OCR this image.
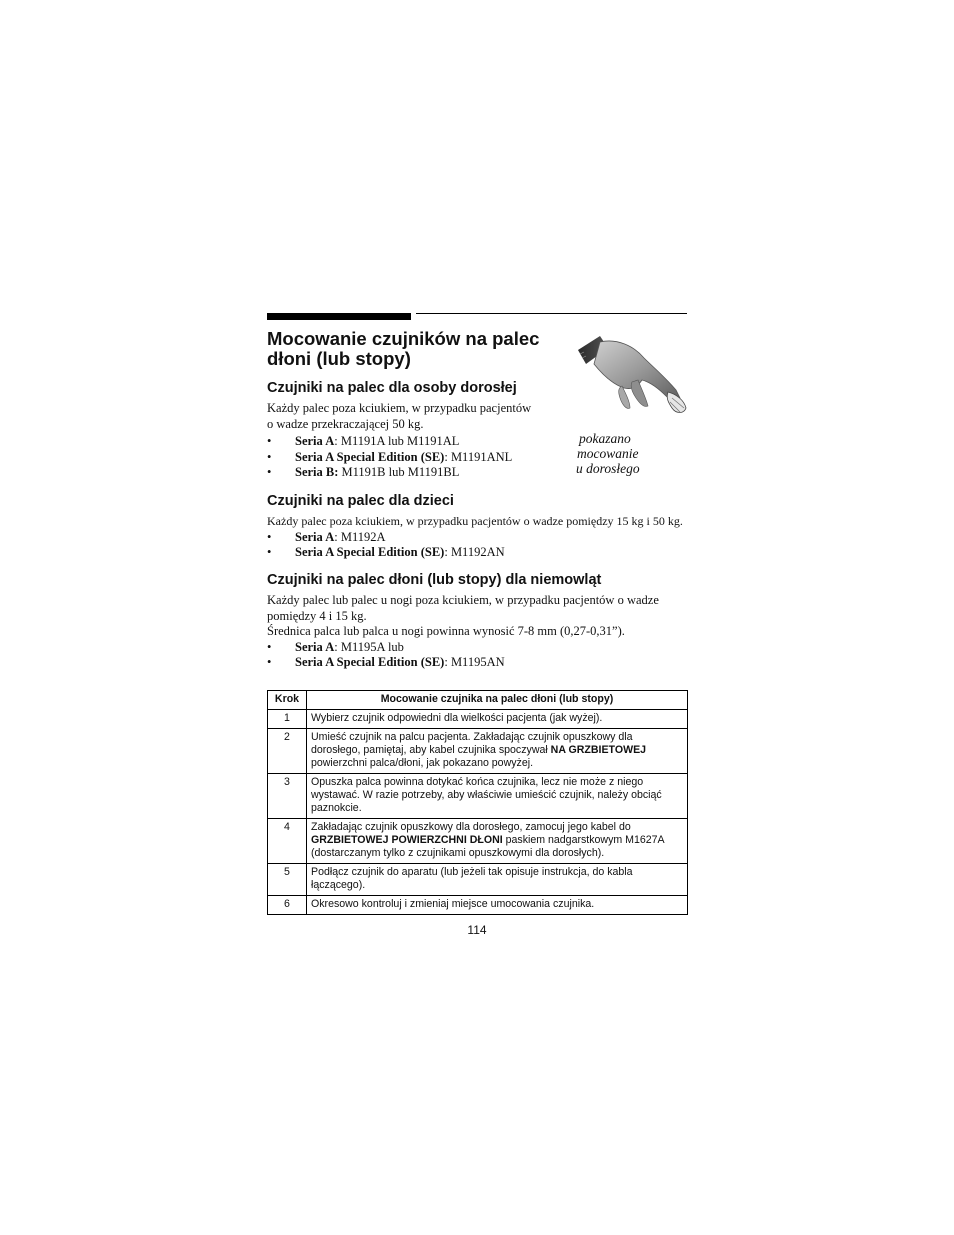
Mocowanie czujników na palec
dłoni (lub stopy)
pokazano
mocowanie
u dorosłego
Czujniki na palec dla osoby dorosłej

Każdy palec poza kciukiem, w przypadku pacjentów
o wadze przekraczającej 50 kg.

• Seria A: M1191A lub M1191AL
• Seria A Special Edition (SE): M1191ANL
• Seria B: M1191B lub M1191BL
Czujniki na palec dla dzieci

Każdy palec poza kciukiem, w przypadku pacjentów o wadze pomiędzy 15 kg i 50 kg.

• Seria A: M1192A
• Seria A Special Edition (SE): M1192AN
Czujniki na palec dłoni (lub stopy) dla niemowląt

Każdy palec lub palec u nogi poza kciukiem, w przypadku pacjentów o wadze
pomiędzy 4 i 15 kg.
Średnica palca lub palca u nogi powinna wynosić 7-8 mm (0,27-0,31”).

• Seria A: M1195A lub
• Seria A Special Edition (SE): M1195AN
Krok	Mocowanie czujnika na palec dłoni (lub stopy)
1	Wybierz czujnik odpowiedni dla wielkości pacjenta (jak wyżej).
2	Umieść czujnik na palcu pacjenta. Zakładając czujnik opuszkowy dla dorosłego, pamiętaj, aby kabel czujnika spoczywał NA GRZBIETOWEJ powierzchni palca/dłoni, jak pokazano powyżej.
3	Opuszka palca powinna dotykać końca czujnika, lecz nie może z niego wystawać. W razie potrzeby, aby właściwie umieścić czujnik, należy obciąć paznokcie.
4	Zakładając czujnik opuszkowy dla dorosłego, zamocuj jego kabel do GRZBIETOWEJ POWIERZCHNI DŁONI paskiem nadgarstkowym M1627A (dostarczanym tylko z czujnikami opuszkowymi dla dorosłych).
5	Podłącz czujnik do aparatu (lub jeżeli tak opisuje instrukcja, do kabla łączącego).
6	Okresowo kontroluj i zmieniaj miejsce umocowania czujnika.
114
